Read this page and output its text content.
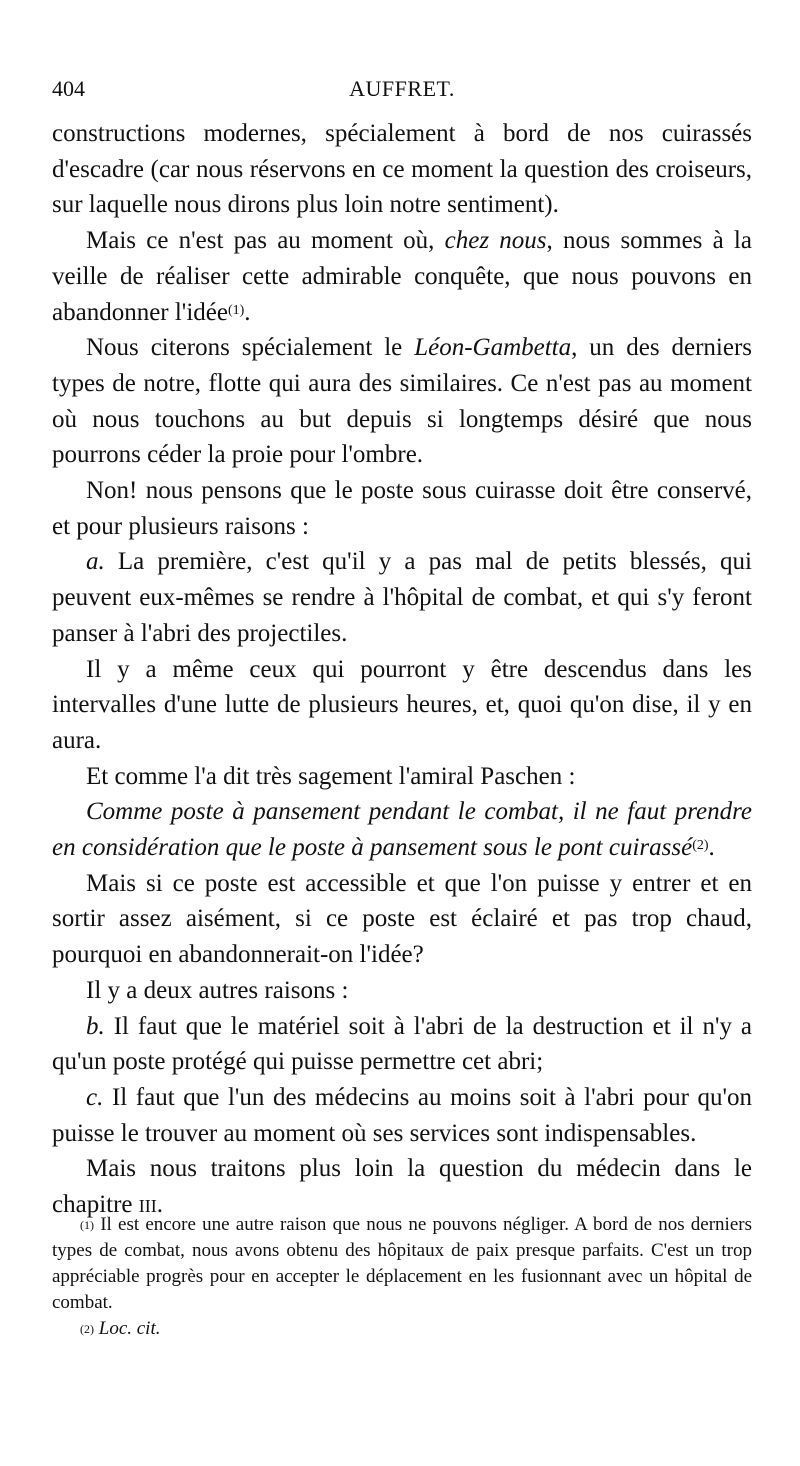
404	AUFFRET.

constructions modernes, spécialement à bord de nos cuirassés d'escadre (car nous réservons en ce moment la question des croiseurs, sur laquelle nous dirons plus loin notre sentiment).

Mais ce n'est pas au moment où, chez nous, nous sommes à la veille de réaliser cette admirable conquête, que nous pouvons en abandonner l'idée$^{(1)}$.

Nous citerons spécialement le Léon-Gambetta, un des derniers types de notre, flotte qui aura des similaires. Ce n'est pas au moment où nous touchons au but depuis si longtemps désiré que nous pourrons céder la proie pour l'ombre.

Non! nous pensons que le poste sous cuirasse doit être conservé, et pour plusieurs raisons :

a. La première, c'est qu'il y a pas mal de petits blessés, qui peuvent eux-mêmes se rendre à l'hôpital de combat, et qui s'y feront panser à l'abri des projectiles.

Il y a même ceux qui pourront y être descendus dans les intervalles d'une lutte de plusieurs heures, et, quoi qu'on dise, il y en aura.

Et comme l'a dit très sagement l'amiral Paschen :

Comme poste à pansement pendant le combat, il ne faut prendre en considération que le poste à pansement sous le pont cuirassé$^{(2)}$.

Mais si ce poste est accessible et que l'on puisse y entrer et en sortir assez aisément, si ce poste est éclairé et pas trop chaud, pourquoi en abandonnerait-on l'idée?

Il y a deux autres raisons :

b. Il faut que le matériel soit à l'abri de la destruction et il n'y a qu'un poste protégé qui puisse permettre cet abri;

c. Il faut que l'un des médecins au moins soit à l'abri pour qu'on puisse le trouver au moment où ses services sont indispensables.

Mais nous traitons plus loin la question du médecin dans le chapitre iii.

$^{(1)}$ Il est encore une autre raison que nous ne pouvons négliger. A bord de nos derniers types de combat, nous avons obtenu des hôpitaux de paix presque parfaits. C'est un trop appréciable progrès pour en accepter le déplacement en les fusionnant avec un hôpital de combat.

$^{(2)}$ Loc. cit.
